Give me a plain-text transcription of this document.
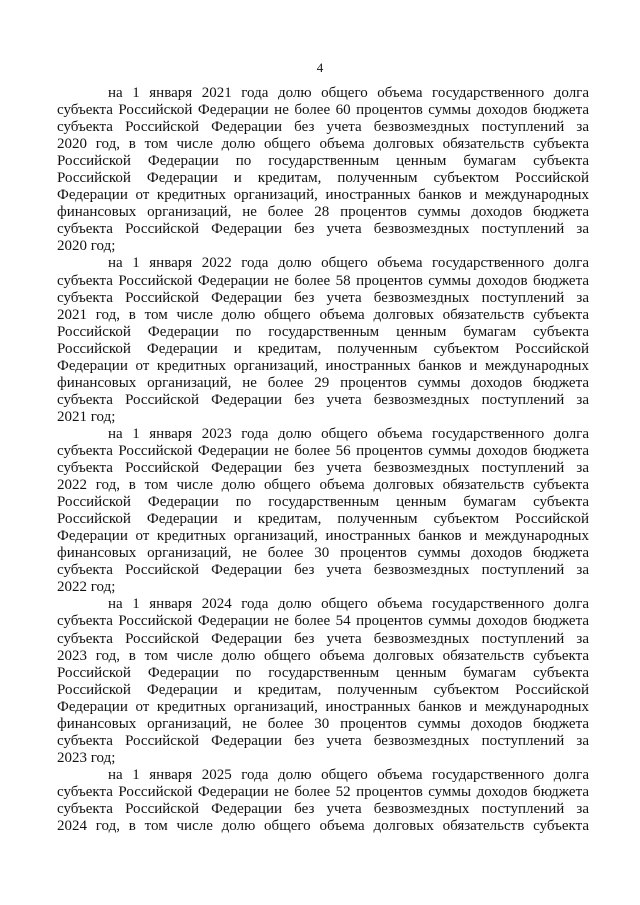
4
на 1 января 2021 года долю общего объема государственного долга
субъекта Российской Федерации не более 60 процентов суммы доходов бюджета
субъекта Российской Федерации без учета безвозмездных поступлений за
2020 год, в том числе долю общего объема долговых обязательств субъекта
Российской Федерации по государственным ценным бумагам субъекта
Российской Федерации и кредитам, полученным субъектом Российской
Федерации от кредитных организаций, иностранных банков и международных
финансовых организаций, не более 28 процентов суммы доходов бюджета
субъекта Российской Федерации без учета безвозмездных поступлений за
2020 год;
на 1 января 2022 года долю общего объема государственного долга
субъекта Российской Федерации не более 58 процентов суммы доходов бюджета
субъекта Российской Федерации без учета безвозмездных поступлений за
2021 год, в том числе долю общего объема долговых обязательств субъекта
Российской Федерации по государственным ценным бумагам субъекта
Российской Федерации и кредитам, полученным субъектом Российской
Федерации от кредитных организаций, иностранных банков и международных
финансовых организаций, не более 29 процентов суммы доходов бюджета
субъекта Российской Федерации без учета безвозмездных поступлений за
2021 год;
на 1 января 2023 года долю общего объема государственного долга
субъекта Российской Федерации не более 56 процентов суммы доходов бюджета
субъекта Российской Федерации без учета безвозмездных поступлений за
2022 год, в том числе долю общего объема долговых обязательств субъекта
Российской Федерации по государственным ценным бумагам субъекта
Российской Федерации и кредитам, полученным субъектом Российской
Федерации от кредитных организаций, иностранных банков и международных
финансовых организаций, не более 30 процентов суммы доходов бюджета
субъекта Российской Федерации без учета безвозмездных поступлений за
2022 год;
на 1 января 2024 года долю общего объема государственного долга
субъекта Российской Федерации не более 54 процентов суммы доходов бюджета
субъекта Российской Федерации без учета безвозмездных поступлений за
2023 год, в том числе долю общего объема долговых обязательств субъекта
Российской Федерации по государственным ценным бумагам субъекта
Российской Федерации и кредитам, полученным субъектом Российской
Федерации от кредитных организаций, иностранных банков и международных
финансовых организаций, не более 30 процентов суммы доходов бюджета
субъекта Российской Федерации без учета безвозмездных поступлений за
2023 год;
на 1 января 2025 года долю общего объема государственного долга
субъекта Российской Федерации не более 52 процентов суммы доходов бюджета
субъекта Российской Федерации без учета безвозмездных поступлений за
2024 год, в том числе долю общего объема долговых обязательств субъекта
